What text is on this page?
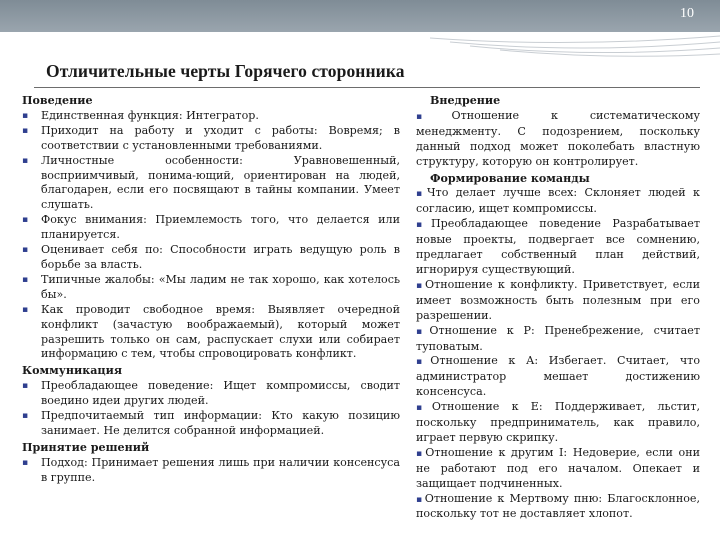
10
Отличительные черты Горячего сторонника
Поведение
▪ Единственная функция: Интегратор.
▪ Приходит на работу и уходит с работы: Вовремя; в соответствии с установленными требованиями.
▪ Личностные особенности: Уравновешенный, восприимчивый, понима-ющий, ориентирован на людей, благодарен, если его посвящают в тайны компании. Умеет слушать.
▪ Фокус внимания: Приемлемость того, что делается или планируется.
▪ Оценивает себя по: Способности играть ведущую роль в борьбе за власть.
▪ Типичные жалобы: «Мы ладим не так хорошо, как хотелось бы».
▪ Как проводит свободное время: Выявляет очередной конфликт (зачастую воображаемый), который может разрешить только он сам, распускает слухи или собирает информацию с тем, чтобы спровоцировать конфликт.
Коммуникация
▪ Преобладающее поведение: Ищет компромиссы, сводит воедино идеи других людей.
▪ Предпочитаемый тип информации: Кто какую позицию занимает. Не делится собранной информацией.
Принятие решений
▪ Подход: Принимает решения лишь при наличии консенсуса в группе.
Внедрение
▪Отношение к систематическому менеджменту. С подозрением, поскольку данный подход может поколебать властную структуру, которую он контролирует.
Формирование команды
▪Что делает лучше всех: Склоняет людей к согласию, ищет компромиссы.
▪Преобладающее поведение Разрабатывает новые проекты, подвергает все сомнению, предлагает собственный план действий, игнорируя существующий.
▪Отношение к конфликту. Приветствует, если имеет возможность быть полезным при его разрешении.
▪Отношение к Р: Пренебрежение, считает туповатым.
▪Отношение к А: Избегает. Считает, что администратор мешает достижению консенсуса.
▪Отношение к Е: Поддерживает, льстит, поскольку предприниматель, как правило, играет первую скрипку.
▪Отношение к другим I: Недоверие, если они не работают под его началом. Опекает и защищает подчиненных.
▪Отношение к Мертвому пню: Благосклонное, поскольку тот не доставляет хлопот.
